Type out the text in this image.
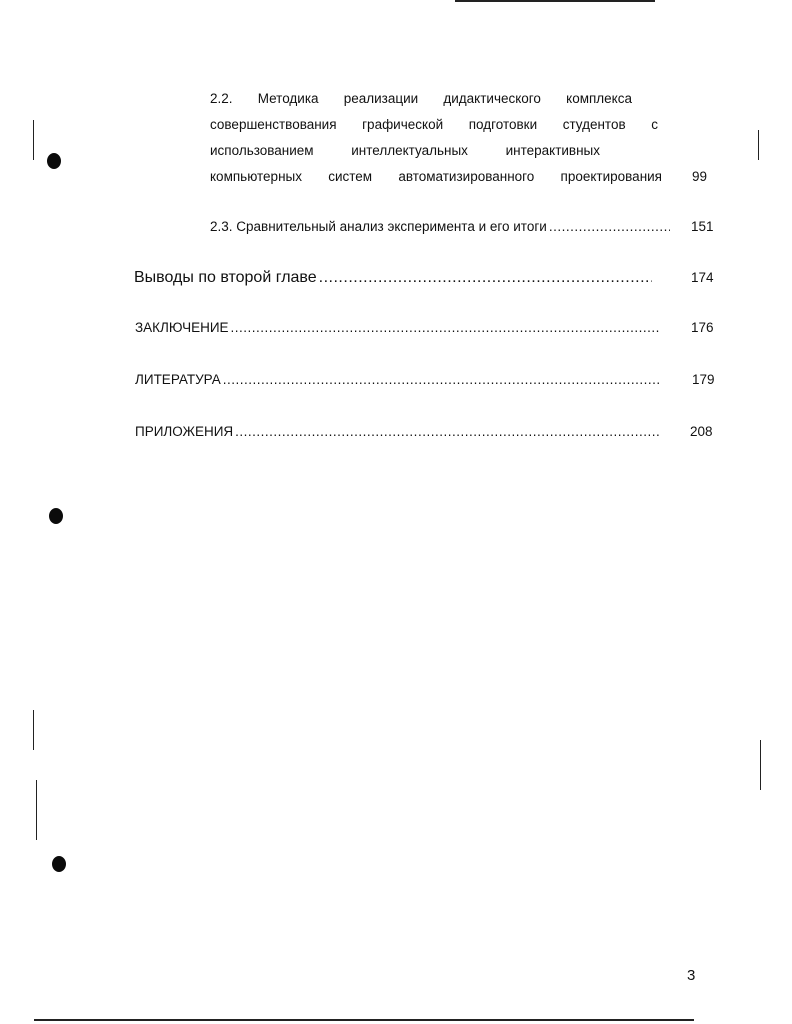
2.2. Методика реализации дидактического комплекса
совершенствования графической подготовки студентов с
использованием интеллектуальных интерактивных
компьютерных систем автоматизированного проектирования 99
2.3. Сравнительный анализ эксперимента и его итоги .....	151
Выводы по второй главе .....	174
ЗАКЛЮЧЕНИЕ .....	176
ЛИТЕРАТУРА .....	179
ПРИЛОЖЕНИЯ .....	208
3
